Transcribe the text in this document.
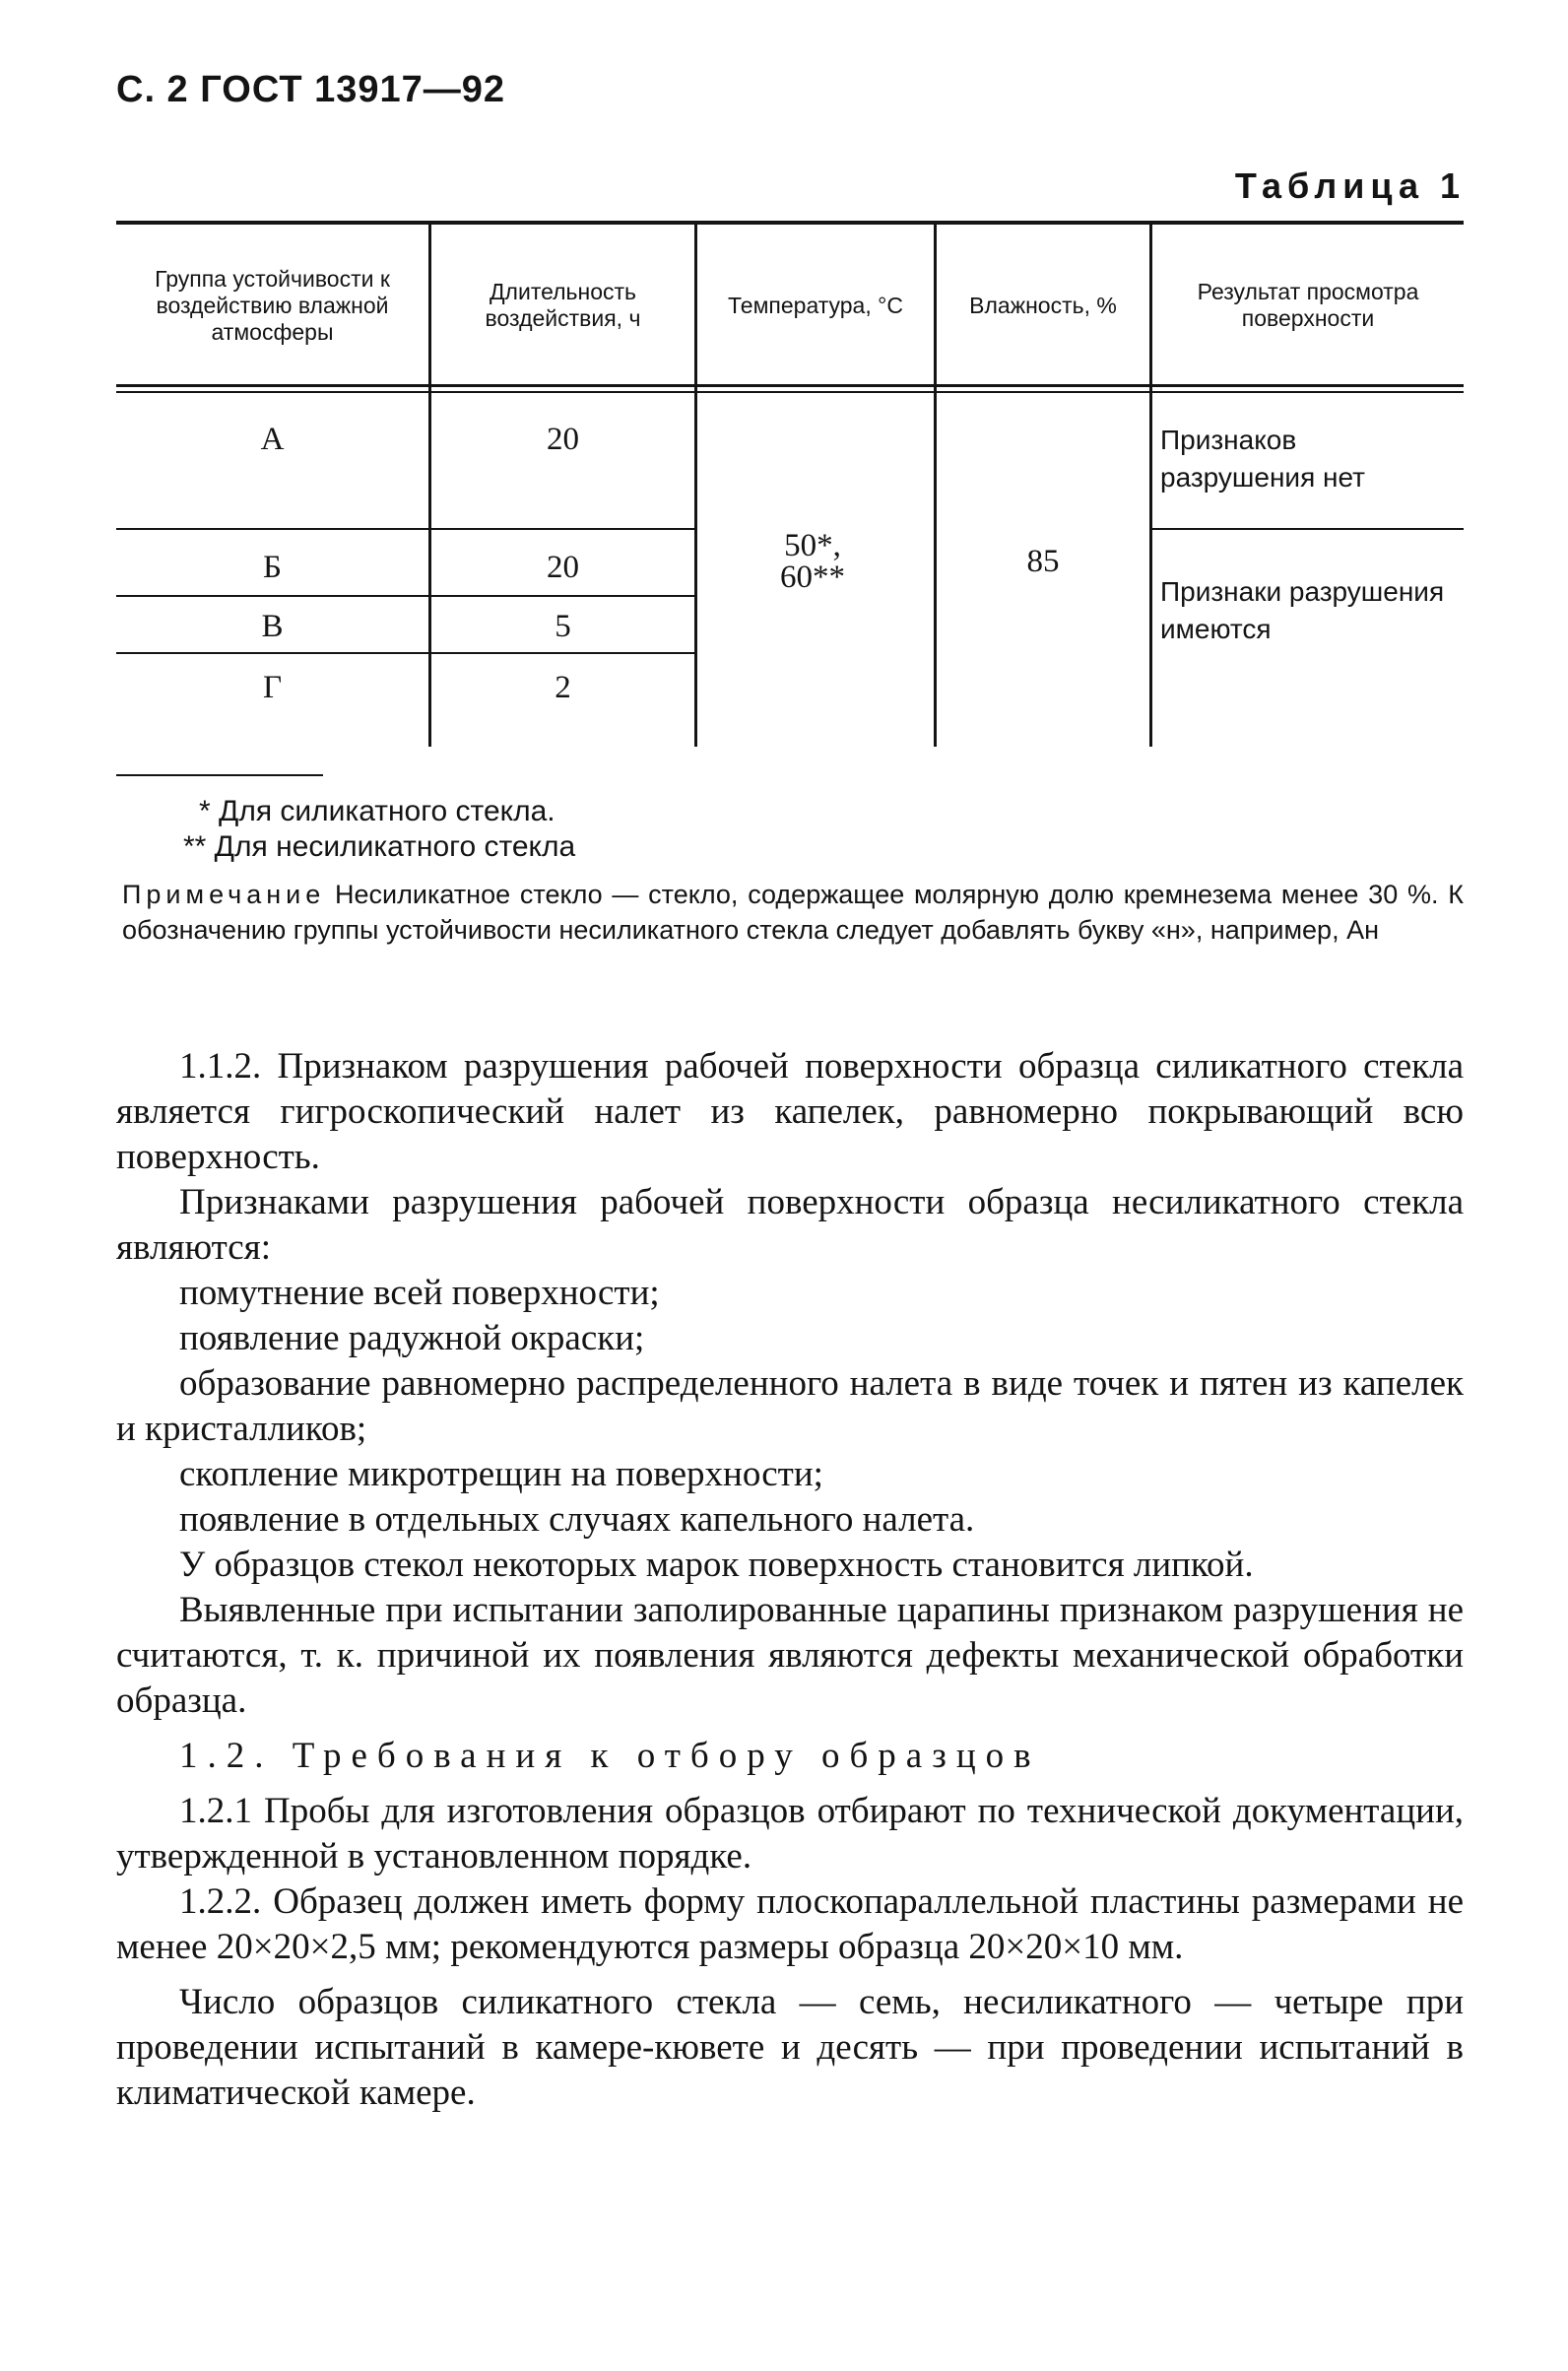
С. 2 ГОСТ 13917—92
Таблица 1
Группа устойчивости к воздействию влажной атмосферы
Длительность воздействия, ч
Температура, °С	Влажность, %
Результат просмотра поверхности
А
Б
В
Г
20
20
5
2
50*, 60**	85
Признаков разрушения нет
Признаки разрушения имеются
* Для силикатного стекла.
** Для несиликатного стекла
Примечание Несиликатное стекло — стекло, содержащее молярную долю кремнезема менее 30 %. К обозначению группы устойчивости несиликатного стекла следует добавлять букву «н», например, Ан

1.1.2. Признаком разрушения рабочей поверхности образца силикатного стекла является гигроскопический налет из капелек, равномерно покрывающий всю поверхность.

Признаками разрушения рабочей поверхности образца несиликатного стекла являются:

помутнение всей поверхности;

появление радужной окраски;

образование равномерно распределенного налета в виде точек и пятен из капелек и кристалликов;

скопление микротрещин на поверхности;

появление в отдельных случаях капельного налета.

У образцов стекол некоторых марок поверхность становится липкой.

Выявленные при испытании заполированные царапины признаком разрушения не считаются, т. к. причиной их появления являются дефекты механической обработки образца.

1.2. Требования к отбору образцов

1.2.1 Пробы для изготовления образцов отбирают по технической документации, утвержденной в установленном порядке.

1.2.2. Образец должен иметь форму плоскопараллельной пластины размерами не менее 20×20×2,5 мм; рекомендуются размеры образца 20×20×10 мм.

Число образцов силикатного стекла — семь, несиликатного — четыре при проведении испытаний в камере-кювете и десять — при проведении испытаний в климатической камере.
